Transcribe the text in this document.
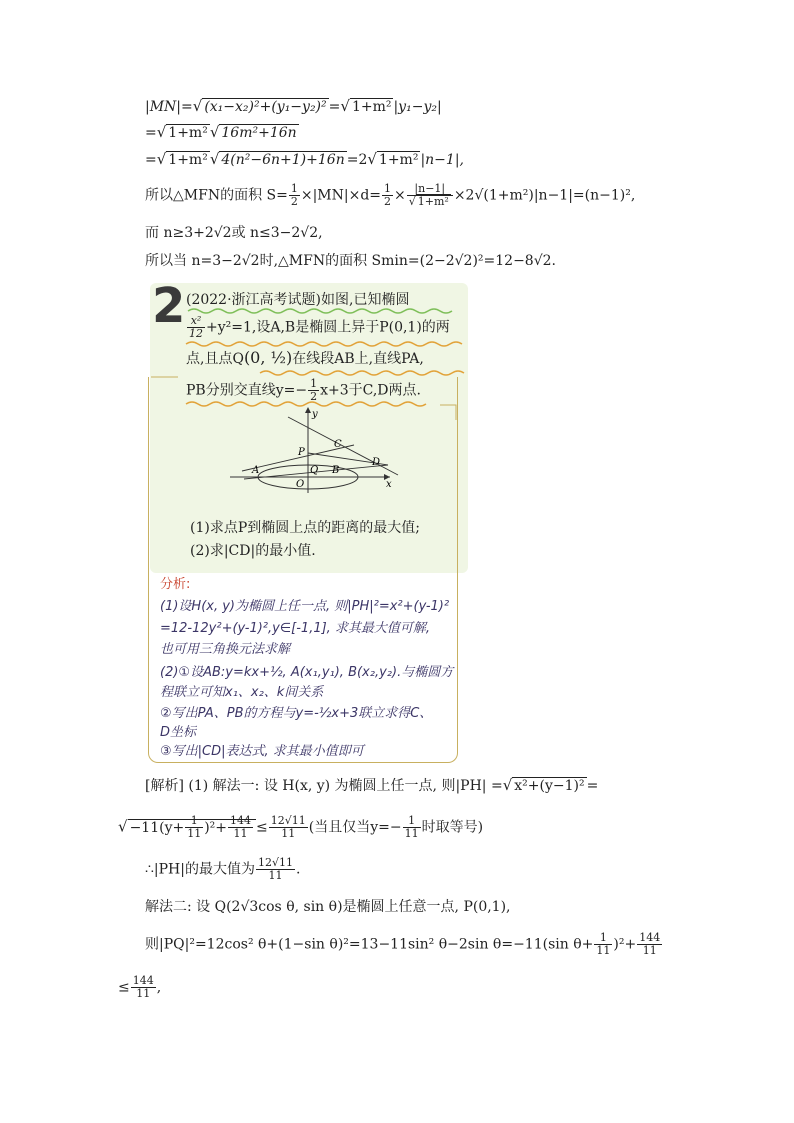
|MN|=√ (x₁−x₂)²+(y₁−y₂)² =√ 1+m² |y₁−y₂|
=√ 1+m² √ 16m²+16n
=√ 1+m² √ 4(n²−6n+1)+16n =2√ 1+m² |n−1|,
所以△MFN的面积 $S= \frac{1}{2} \times|MN|\times d= \frac{1}{2} \times \frac{|n-1|}{\text{√ 1+m²}} \times 2√(1+m^2)|n-1|=(n-1)^2$,
而 n≥3+2√2或 n≤3−2√2,
所以当 n=3−2√2时,△MFN的面积 Smin=(2−2√2)²=12−8√2.
2 (2022·浙江高考试题)如图,已知椭圆
$\frac{\text{x²}}{12} +y^2=1$,设A,B是椭圆上异于P(0,1)的两
点,且点Q(0, ½)在线段AB上,直线PA,
PB分别交直线$y=- \frac{1}{2} x+3$于C,D两点.
y
x
C
P
D
A	Q B
O
(1)求点P到椭圆上点的距离的最大值;
(2)求|CD|的最小值.
分析:
(1)设H(x, y)为椭圆上任一点, 则|PH|²=x²+(y-1)²
=12-12y²+(y-1)²,y∈[-1,1], 求其最大值可解,
也可用三角换元法求解
(2)①设AB:y=kx+½, A(x₁,y₁), B(x₂,y₂).与椭圆方
程联立可知x₁、x₂、k间关系
②写出PA、PB的方程与y=-½x+3联立求得C、
D坐标
③写出|CD|表达式, 求其最小值即可
[解析] (1) 解法一: 设 H(x, y) 为椭圆上任一点, 则|PH| =√ x²+(y−1)² =
√ $-11(y+ \frac{1}{11} )^2+ \frac{144}{11} \le \frac{12√11}{11}$ (当且仅当$y=- \frac{1}{11}$ 时取等号)
∴|PH|的最大值为 $\frac{12√11}{11}$ .
解法二: 设 Q(2√3cos θ, sin θ)是椭圆上任意一点, P(0,1),
则|PQ|²=12cos² θ+(1−sin θ)²=13−11sin² θ−2sin θ=−11(sin $\theta+ \frac{1}{11} )^2+ \frac{144}{11}$
≤ $\frac{144}{11}$ ,
